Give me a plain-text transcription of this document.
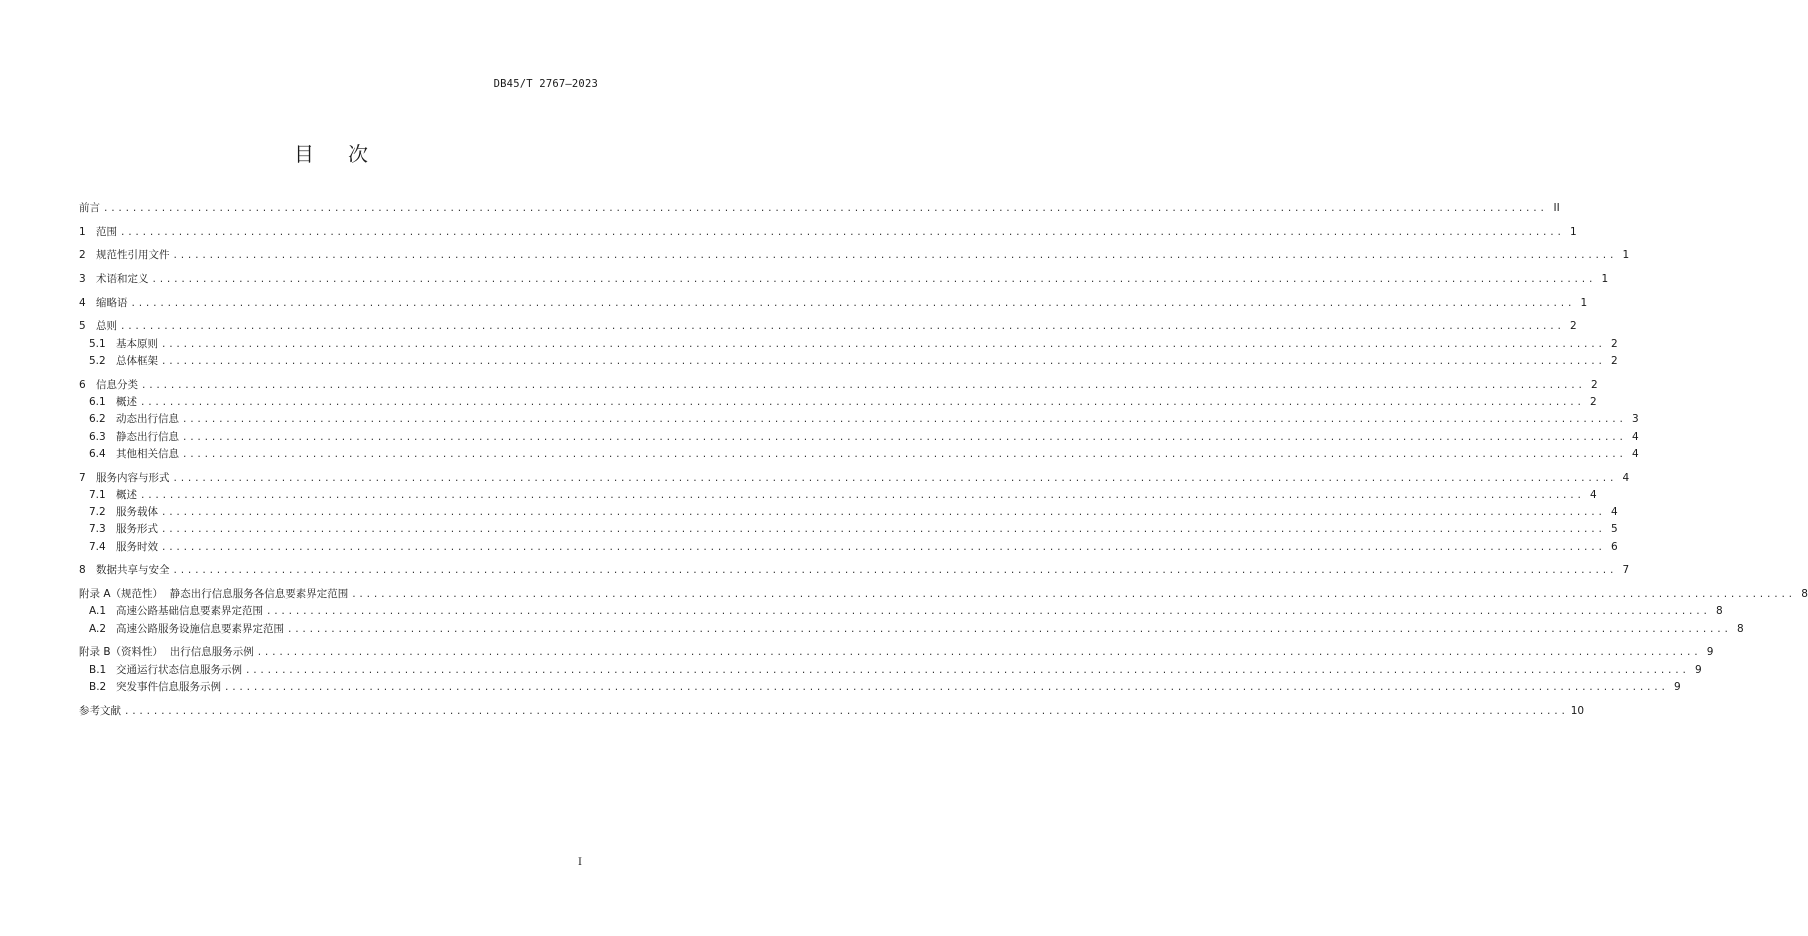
DB45/T 2767—2023
目 次
前言 ........................................................................................................................................................................................................ II
1 范围 ........................................................................................................................................................................................................ 1
2 规范性引用文件 ........................................................................................................................................................................................................ 1
3 术语和定义 ........................................................................................................................................................................................................ 1
4 缩略语 ........................................................................................................................................................................................................ 1
5 总则 ........................................................................................................................................................................................................ 2
5.1 基本原则 ........................................................................................................................................................................................................ 2
5.2 总体框架 ........................................................................................................................................................................................................ 2
6 信息分类 ........................................................................................................................................................................................................ 2
6.1 概述 ........................................................................................................................................................................................................ 2
6.2 动态出行信息 ........................................................................................................................................................................................................ 3
6.3 静态出行信息 ........................................................................................................................................................................................................ 4
6.4 其他相关信息 ........................................................................................................................................................................................................ 4
7 服务内容与形式 ........................................................................................................................................................................................................ 4
7.1 概述 ........................................................................................................................................................................................................ 4
7.2 服务载体 ........................................................................................................................................................................................................ 4
7.3 服务形式 ........................................................................................................................................................................................................ 5
7.4 服务时效 ........................................................................................................................................................................................................ 6
8 数据共享与安全 ........................................................................................................................................................................................................ 7
附录 A（规范性）  静态出行信息服务各信息要素界定范围 ........................................................................................................................................................................................................ 8
A.1 高速公路基础信息要素界定范围 ........................................................................................................................................................................................................ 8
A.2 高速公路服务设施信息要素界定范围 ........................................................................................................................................................................................................ 8
附录 B（资料性）  出行信息服务示例 ........................................................................................................................................................................................................ 9
B.1 交通运行状态信息服务示例 ........................................................................................................................................................................................................ 9
B.2 突发事件信息服务示例 ........................................................................................................................................................................................................ 9
参考文献 ........................................................................................................................................................................................................ 10
I
